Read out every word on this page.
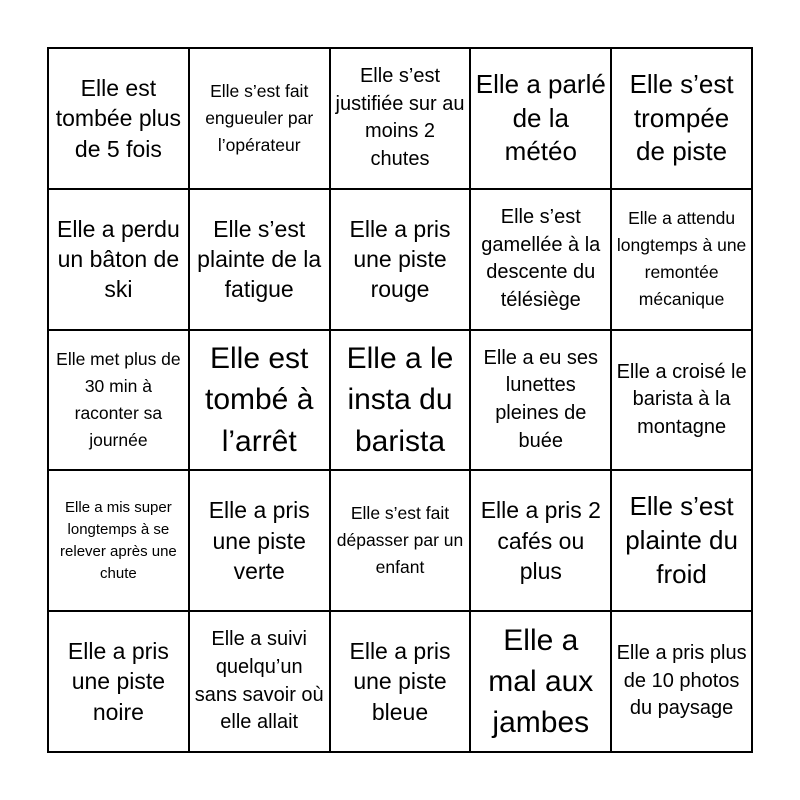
Elle est tombée plus de 5 fois
Elle s’est fait engueuler par l’opérateur
Elle s’est justifiée sur au moins 2 chutes
Elle a parlé de la météo
Elle s’est trompée de piste
Elle a perdu un bâton de ski
Elle s’est plainte de la fatigue
Elle a pris une piste rouge
Elle s’est gamellée à la descente du télésiège
Elle a attendu longtemps à une remontée mécanique
Elle met plus de 30 min à raconter sa journée
Elle est tombé à l’arrêt
Elle a le insta du barista
Elle a eu ses lunettes pleines de buée
Elle a croisé le barista à la montagne
Elle a mis super longtemps à se relever après une chute
Elle a pris une piste verte
Elle s’est fait dépasser par un enfant
Elle a pris 2 cafés ou plus
Elle s’est plainte du froid
Elle a pris une piste noire
Elle a suivi quelqu’un sans savoir où elle allait
Elle a pris une piste bleue
Elle a mal aux jambes
Elle a pris plus de 10 photos du paysage
